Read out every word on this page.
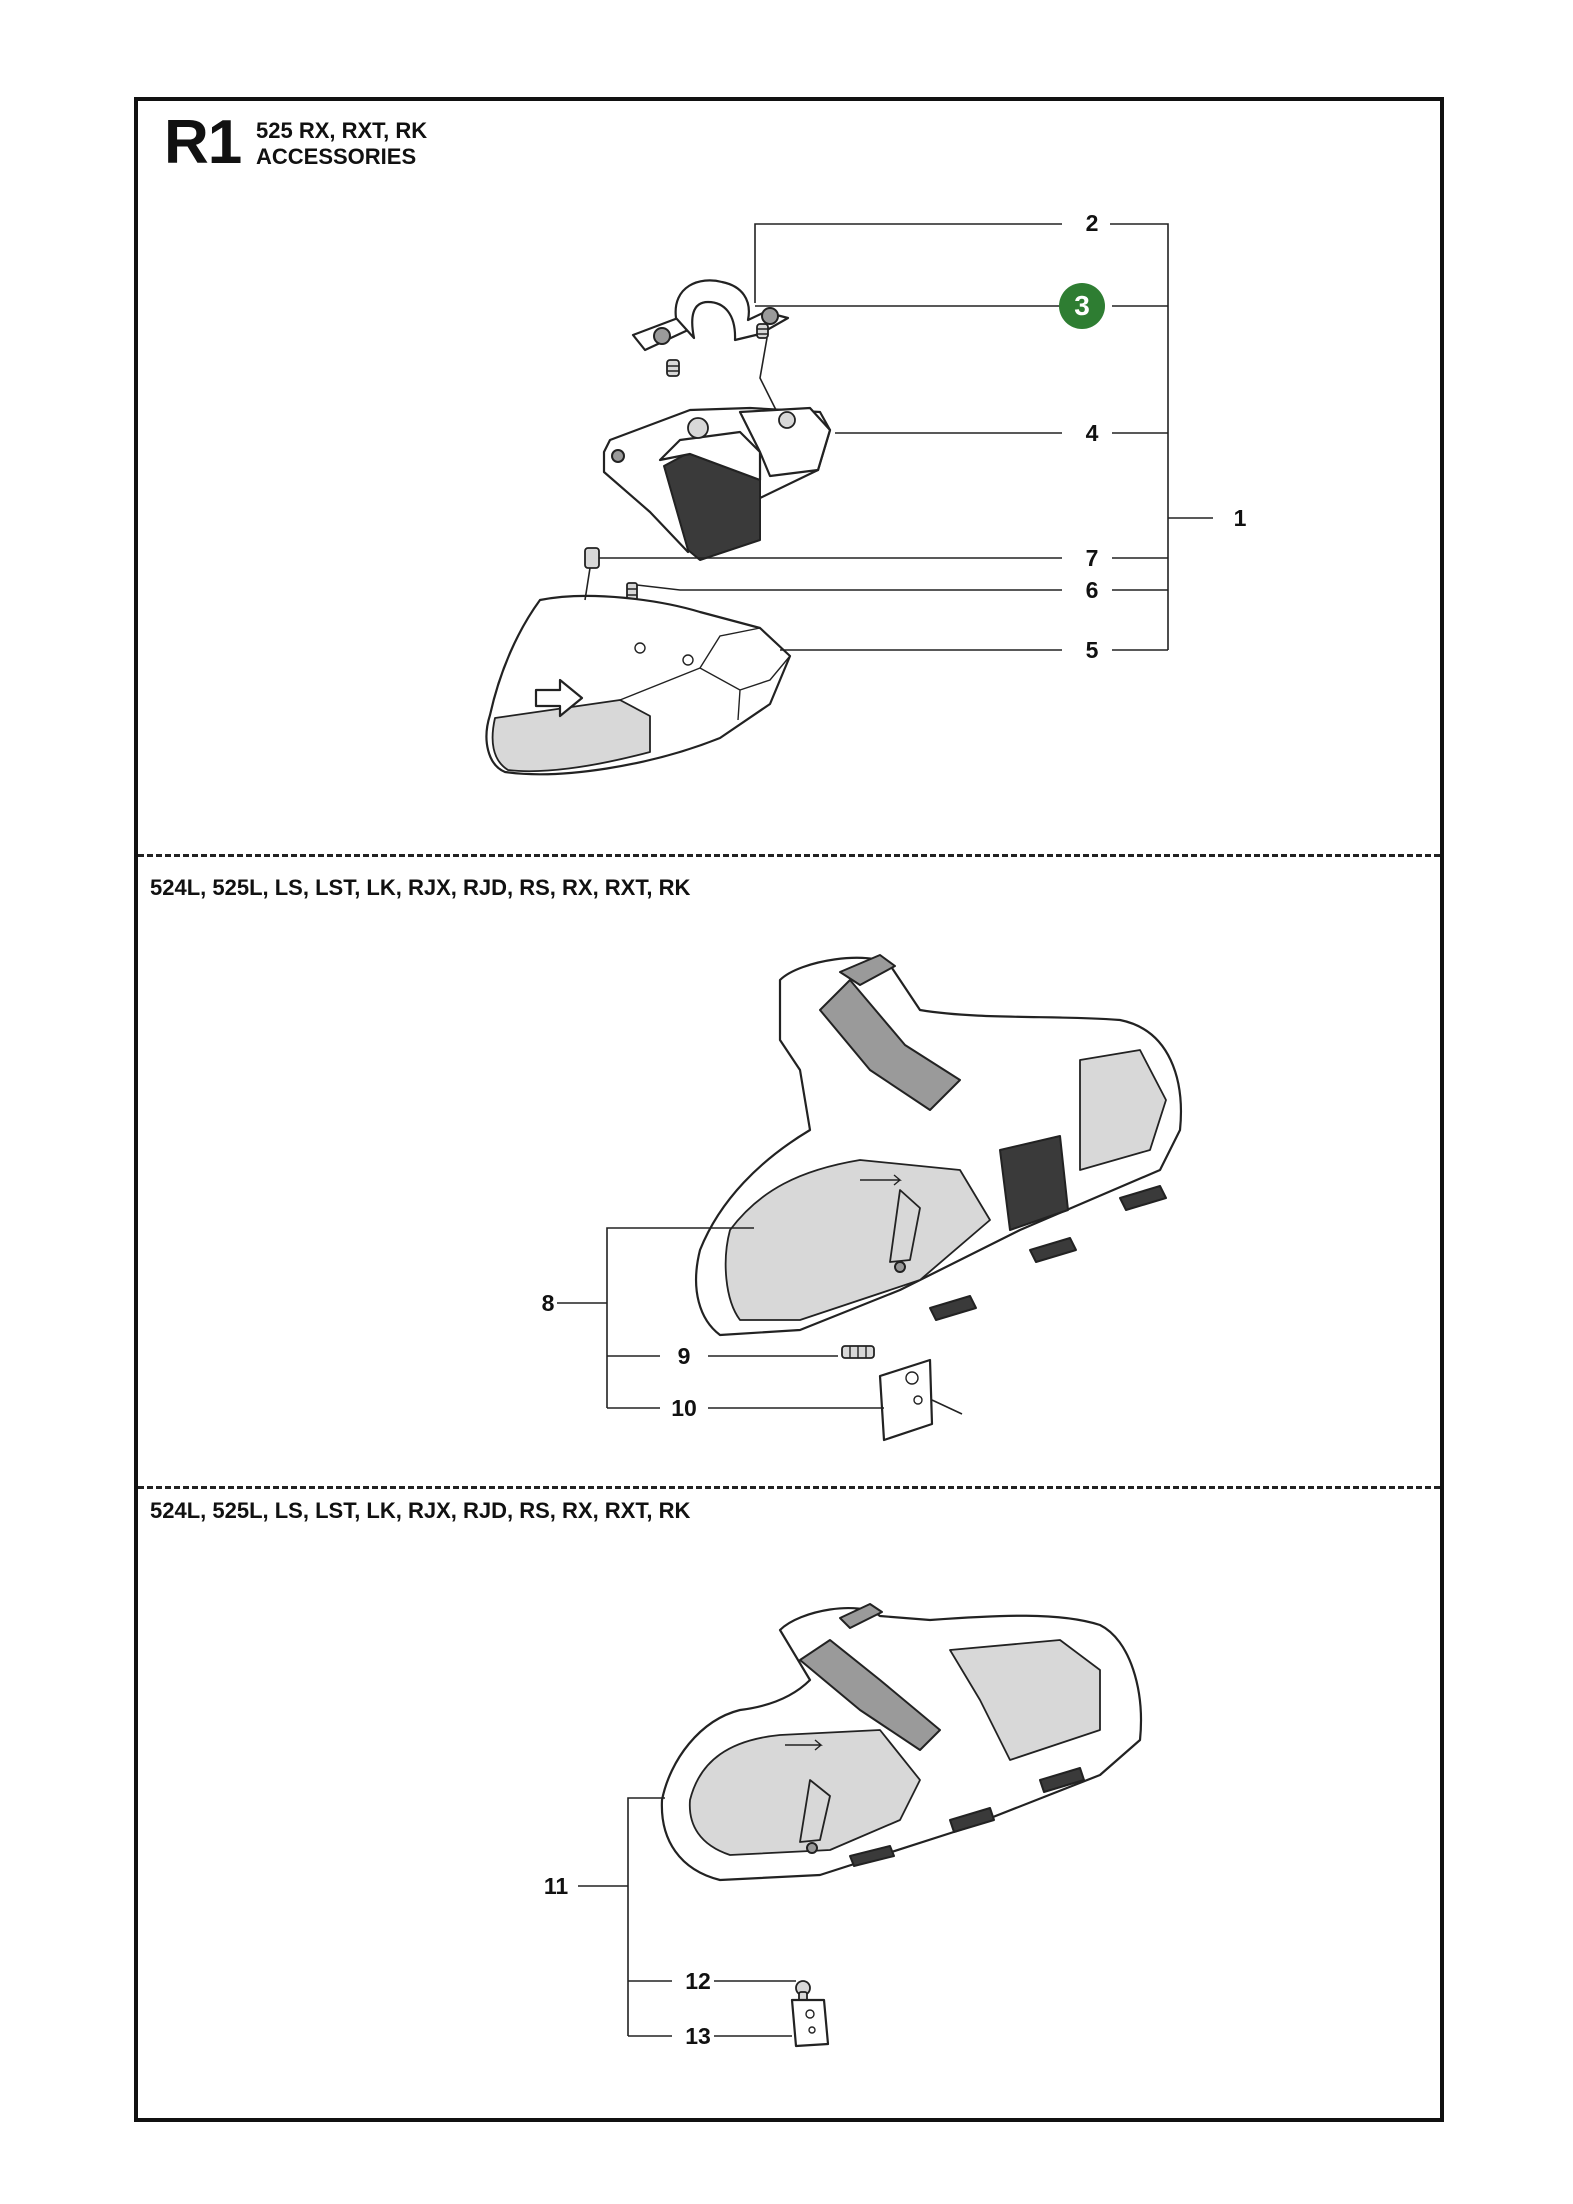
R1 525 RX, RXT, RK
ACCESSORIES
524L, 525L, LS, LST, LK, RJX, RJD, RS, RX, RXT, RK
524L, 525L, LS, LST, LK, RJX, RJD, RS, RX, RXT, RK
2
3
4
7
6
5
1
8
9
10
11
12
13
